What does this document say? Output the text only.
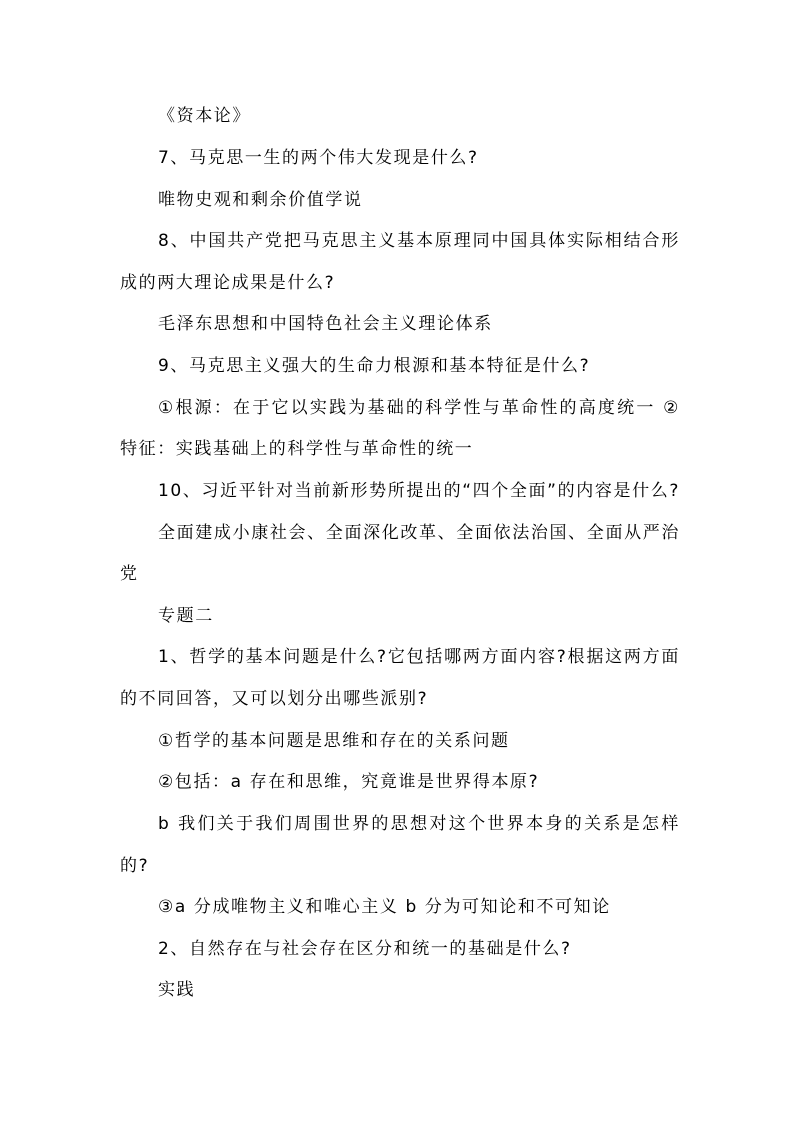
《资本论》
7、马克思一生的两个伟大发现是什么?
唯物史观和剩余价值学说
8、中国共产党把马克思主义基本原理同中国具体实际相结合形
成的两大理论成果是什么?
毛泽东思想和中国特色社会主义理论体系
9、马克思主义强大的生命力根源和基本特征是什么?
①根源：在于它以实践为基础的科学性与革命性的高度统一 ②
特征：实践基础上的科学性与革命性的统一
10、习近平针对当前新形势所提出的“四个全面”的内容是什么?
全面建成小康社会、全面深化改革、全面依法治国、全面从严治
党
专题二
1、哲学的基本问题是什么?它包括哪两方面内容?根据这两方面
的不同回答，又可以划分出哪些派别?
①哲学的基本问题是思维和存在的关系问题
②包括：a 存在和思维，究竟谁是世界得本原?
b 我们关于我们周围世界的思想对这个世界本身的关系是怎样
的?
③a 分成唯物主义和唯心主义 b 分为可知论和不可知论
2、自然存在与社会存在区分和统一的基础是什么?
实践
